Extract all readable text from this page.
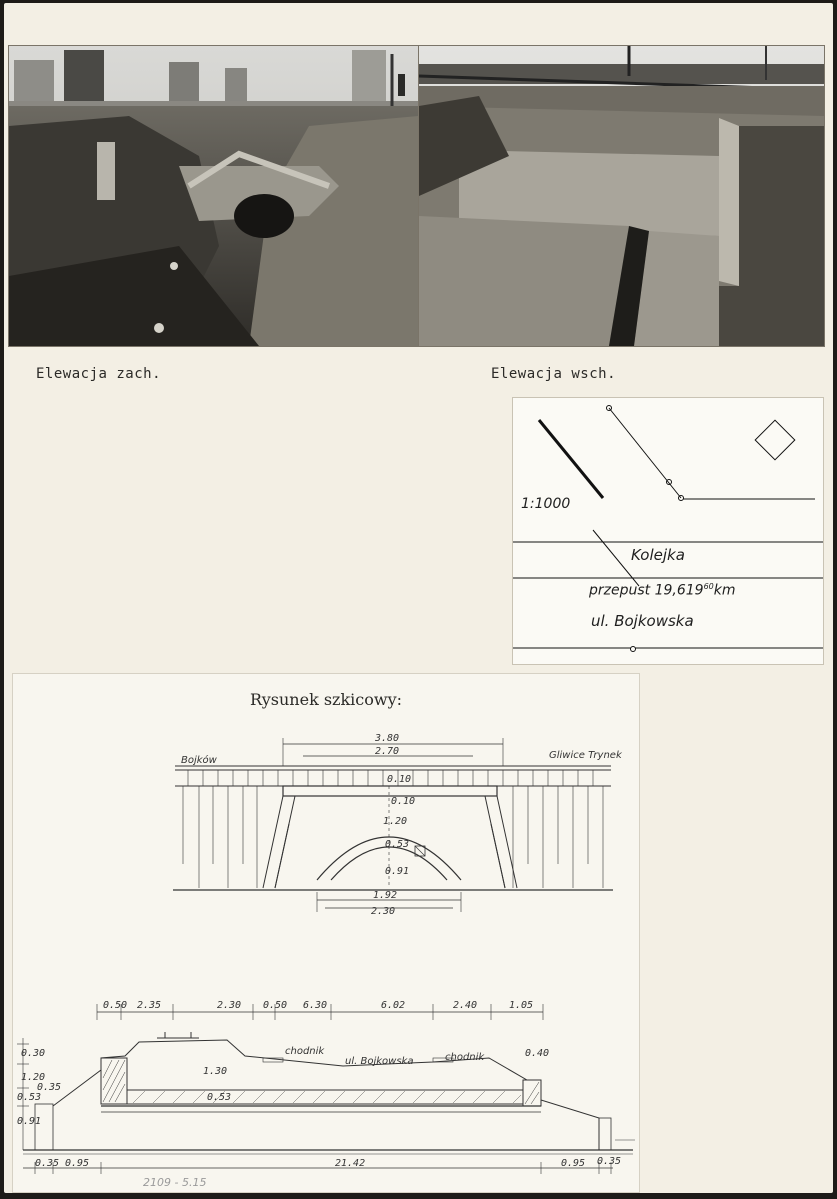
Elewacja zach.	Elewacja wsch.
1:1000
Kolejka
przepust 19,619$^{60}$km
ul. Bojkowska
Rysunek szkicowy:
Bojków	Gliwice Trynek
3.80
2.70
0.10
0.10
1.20
0.53
0.91
1.92
2.30
0.50 2.35	2.30 0.50 6.30	6.02	2.40	1.05
0.30
1.20
0.35
0.53
0.91
1.30
0.53
0.40
chodnik
ul. Bojkowska	chodnik
0.35 0.95	21.42	0.95 0.35
2109 - 5.15
